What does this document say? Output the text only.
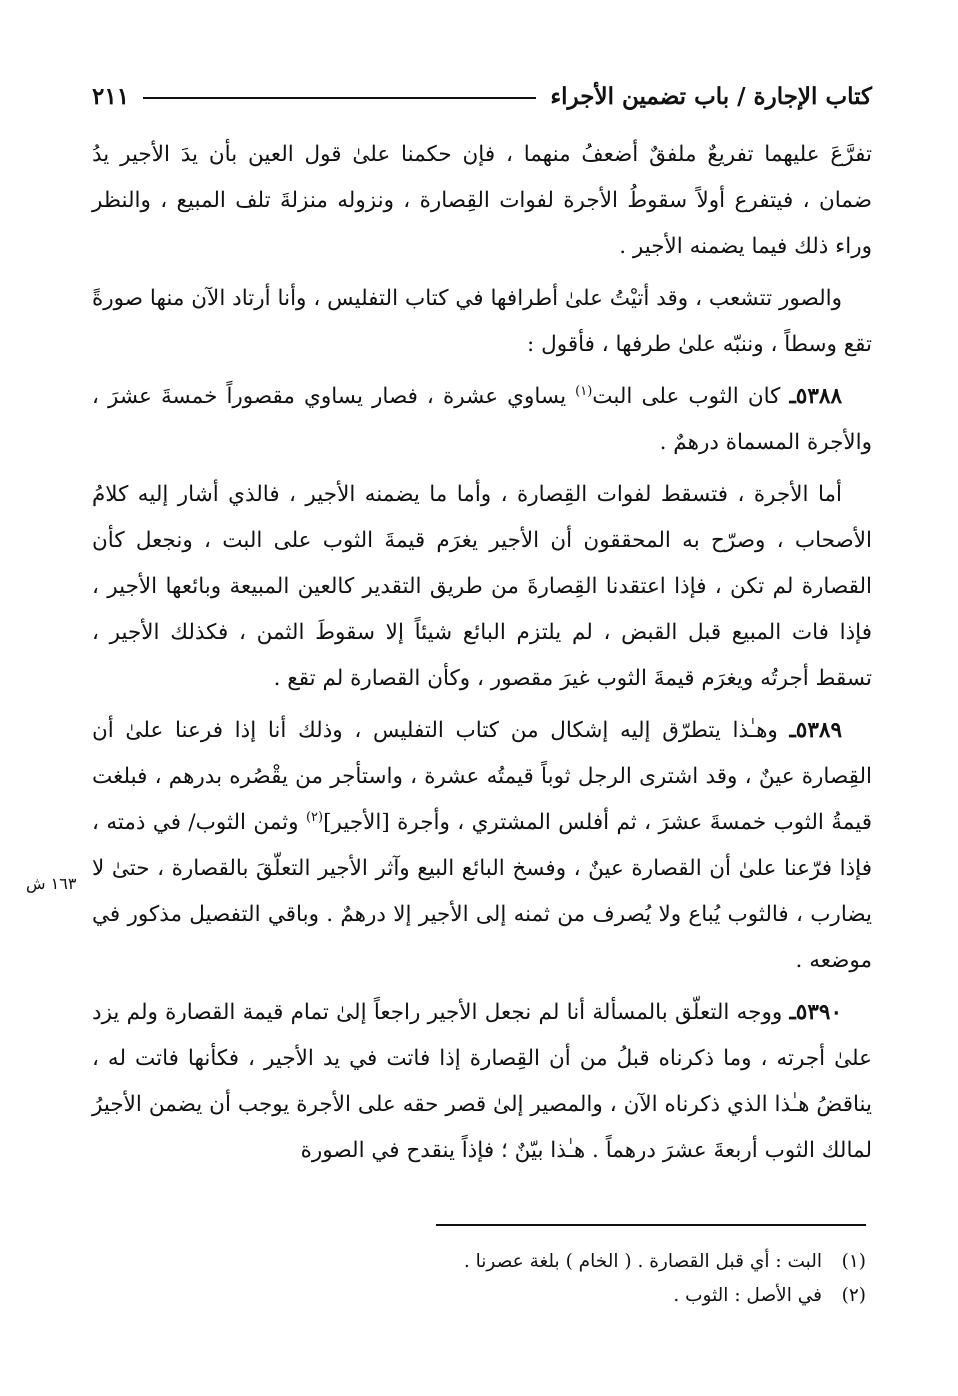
كتاب الإجارة / باب تضمين الأجراء
٢١١

تفرَّعَ عليهما تفريعٌ ملفقٌ أضعفُ منهما ، فإن حكمنا علىٰ قول العين بأن يدَ الأجير يدُ ضمان ، فيتفرع أولاً سقوطُ الأجرة لفوات القِصارة ، ونزوله منزلةَ تلف المبيع ، والنظر وراء ذلك فيما يضمنه الأجير .

والصور تتشعب ، وقد أتيْتُ علىٰ أطرافها في كتاب التفليس ، وأنا أرتاد الآن منها صورةً تقع وسطاً ، وننبّه علىٰ طرفها ، فأقول :

٥٣٨٨ـ كان الثوب على البت$^{(١)}$ يساوي عشرة ، فصار يساوي مقصوراً خمسةَ عشرَ ، والأجرة المسماة درهمٌ .

أما الأجرة ، فتسقط لفوات القِصارة ، وأما ما يضمنه الأجير ، فالذي أشار إليه كلامُ الأصحاب ، وصرّح به المحققون أن الأجير يغرَم قيمةَ الثوب على البت ، ونجعل كأن القصارة لم تكن ، فإذا اعتقدنا القِصارةَ من طريق التقدير كالعين المبيعة وبائعها الأجير ، فإذا فات المبيع قبل القبض ، لم يلتزم البائع شيئاً إلا سقوطَ الثمن ، فكذلك الأجير ، تسقط أجرتُه ويغرَم قيمةَ الثوب غيرَ مقصور ، وكأن القصارة لم تقع .

٥٣٨٩ـ وهـٰذا يتطرّق إليه إشكال من كتاب التفليس ، وذلك أنا إذا فرعنا علىٰ أن القِصارة عينٌ ، وقد اشترى الرجل ثوباً قيمتُه عشرة ، واستأجر من يقْصُره بدرهم ، فبلغت قيمةُ الثوب خمسةَ عشرَ ، ثم أفلس المشتري ، وأجرة [الأجير]$^{(٢)}$ وثمن الثوب/ في ذمته ، فإذا فرّعنا علىٰ أن القصارة عينٌ ، وفسخ البائع البيع وآثر الأجير التعلّقَ بالقصارة ، حتىٰ لا يضارب ، فالثوب يُباع ولا يُصرف من ثمنه إلى الأجير إلا درهمٌ . وباقي التفصيل مذكور في موضعه .

٥٣٩٠ـ ووجه التعلّق بالمسألة أنا لم نجعل الأجير راجعاً إلىٰ تمام قيمة القصارة ولم يزد علىٰ أجرته ، وما ذكرناه قبلُ من أن القِصارة إذا فاتت في يد الأجير ، فكأنها فاتت له ، يناقضُ هـٰذا الذي ذكرناه الآن ، والمصير إلىٰ قصر حقه على الأجرة يوجب أن يضمن الأجيرُ لمالك الثوب أربعةَ عشرَ درهماً . هـٰذا بيّنٌ ؛ فإذاً ينقدح في الصورة

١٦٣ ش
(١)
البت : أي قبل القصارة . ( الخام ) بلغة عصرنا .
(٢)
في الأصل : الثوب .
